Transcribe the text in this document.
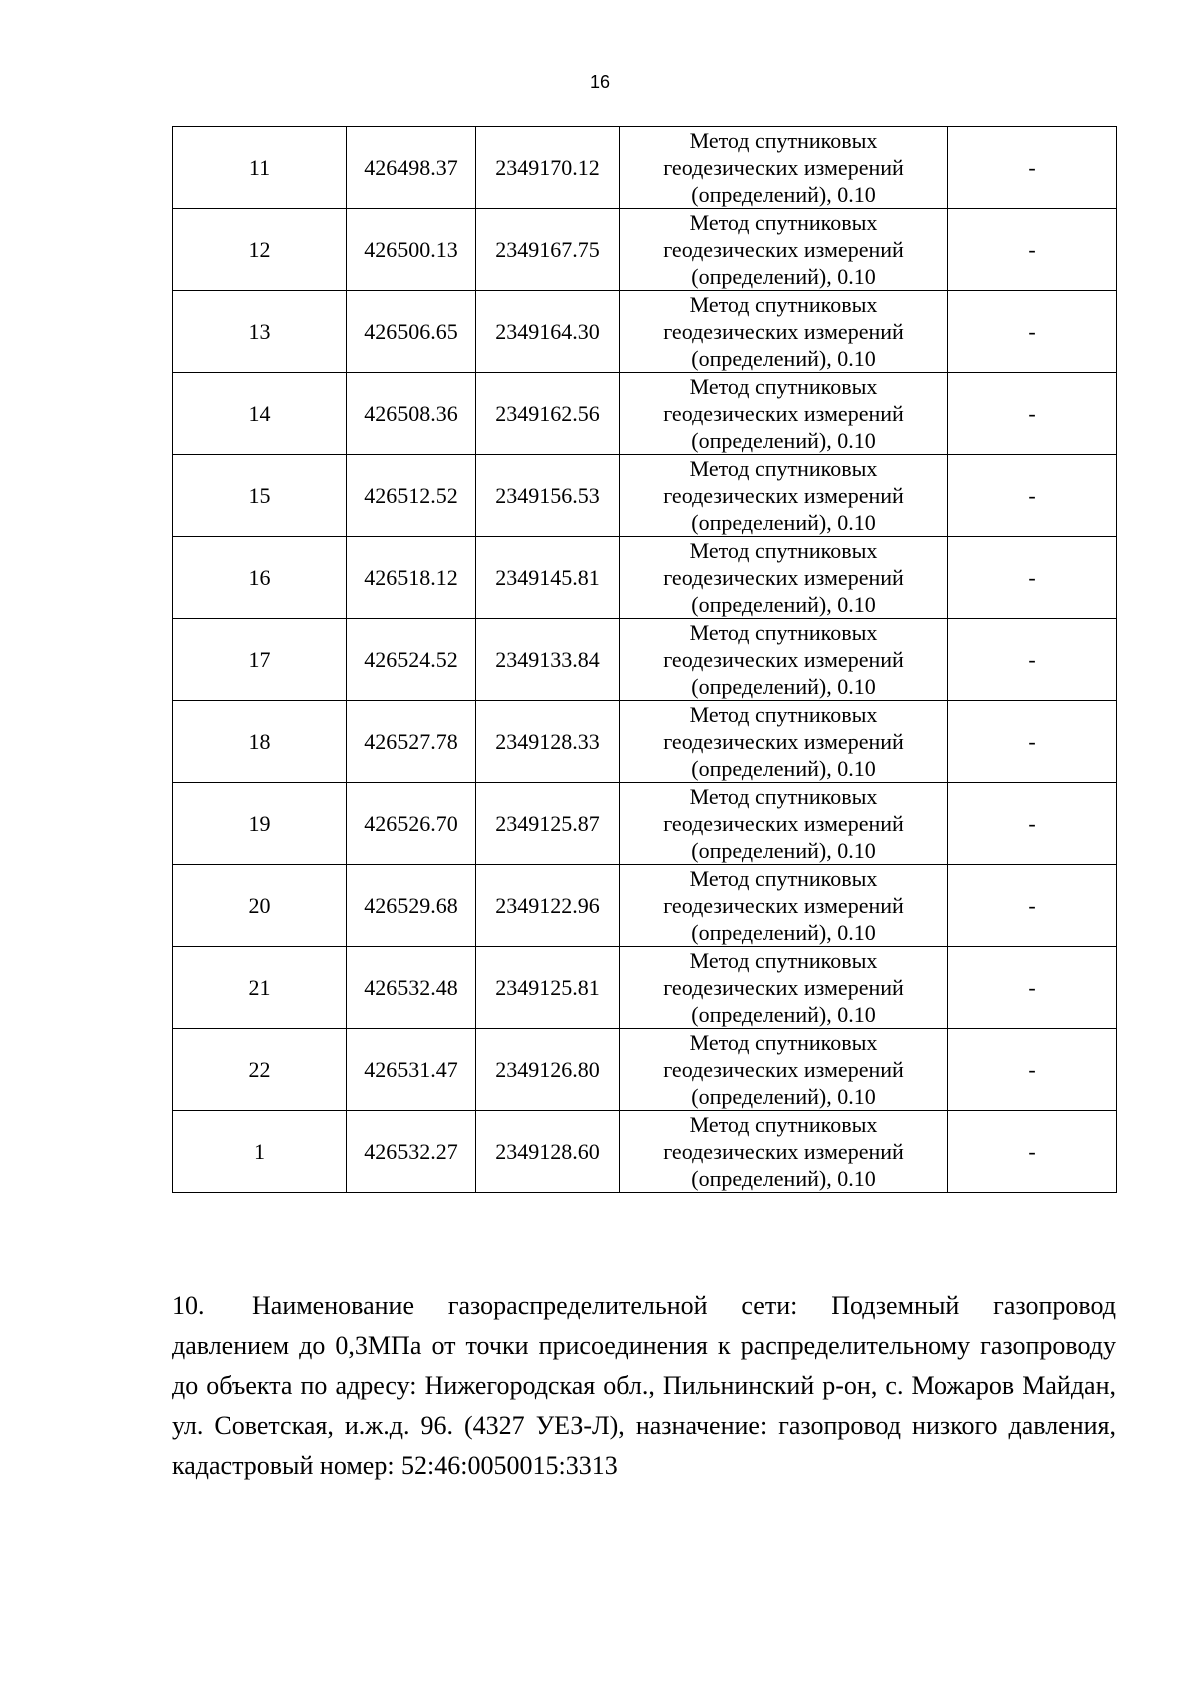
16
11	426498.37	2349170.12	Метод спутниковых
геодезических измерений
(определений), 0.10	-
12	426500.13	2349167.75	Метод спутниковых
геодезических измерений
(определений), 0.10	-
13	426506.65	2349164.30	Метод спутниковых
геодезических измерений
(определений), 0.10	-
14	426508.36	2349162.56	Метод спутниковых
геодезических измерений
(определений), 0.10	-
15	426512.52	2349156.53	Метод спутниковых
геодезических измерений
(определений), 0.10	-
16	426518.12	2349145.81	Метод спутниковых
геодезических измерений
(определений), 0.10	-
17	426524.52	2349133.84	Метод спутниковых
геодезических измерений
(определений), 0.10	-
18	426527.78	2349128.33	Метод спутниковых
геодезических измерений
(определений), 0.10	-
19	426526.70	2349125.87	Метод спутниковых
геодезических измерений
(определений), 0.10	-
20	426529.68	2349122.96	Метод спутниковых
геодезических измерений
(определений), 0.10	-
21	426532.48	2349125.81	Метод спутниковых
геодезических измерений
(определений), 0.10	-
22	426531.47	2349126.80	Метод спутниковых
геодезических измерений
(определений), 0.10	-
1	426532.27	2349128.60	Метод спутниковых
геодезических измерений
(определений), 0.10	-
10. Наименование газораспределительной сети: Подземный газопровод давлением до 0,3МПа от точки присоединения к распределительному газопроводу до объекта по адресу: Нижегородская обл., Пильнинский р-он, с. Можаров Майдан, ул. Советская, и.ж.д. 96. (4327 УЕЗ-Л), назначение: газопровод низкого давления, кадастровый номер: 52:46:0050015:3313
